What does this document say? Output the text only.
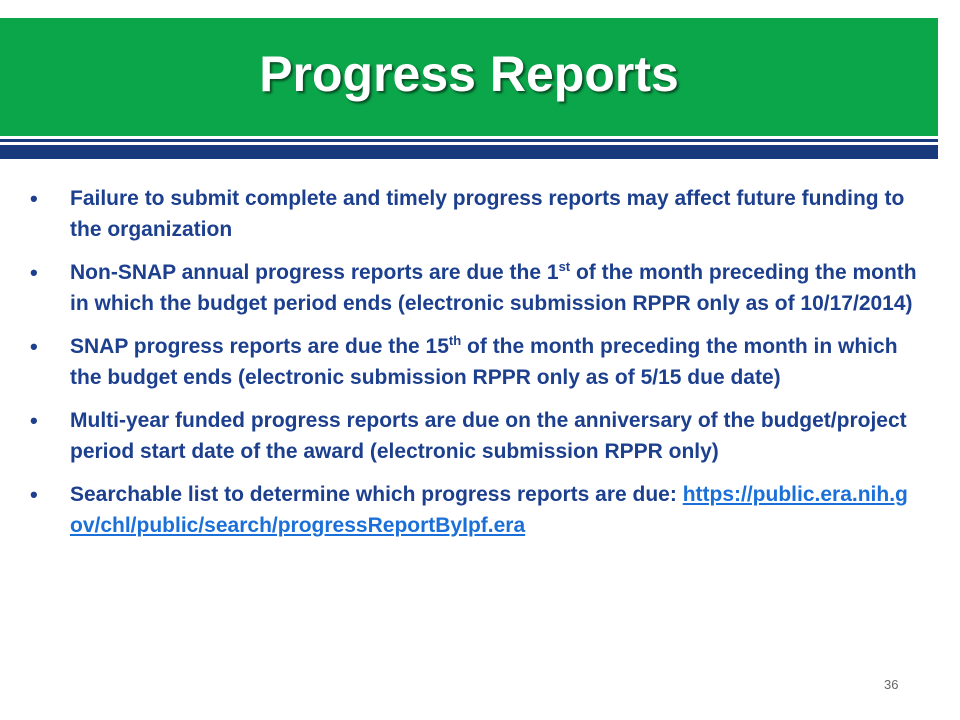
Progress Reports
•	Failure to submit complete and timely progress reports may affect future funding to the organization
•	Non-SNAP annual progress reports are due the 1st of the month preceding the month in which the budget period ends (electronic submission RPPR only as of 10/17/2014)
•	SNAP progress reports are due the 15th of the month preceding the month in which the budget ends (electronic submission RPPR only as of 5/15 due date)
•	Multi-year funded progress reports are due on the anniversary of the budget/project period start date of the award (electronic submission RPPR only)
•	Searchable list to determine which progress reports are due: https://public.era.nih.gov/chl/public/search/progressReportByIpf.era
36
